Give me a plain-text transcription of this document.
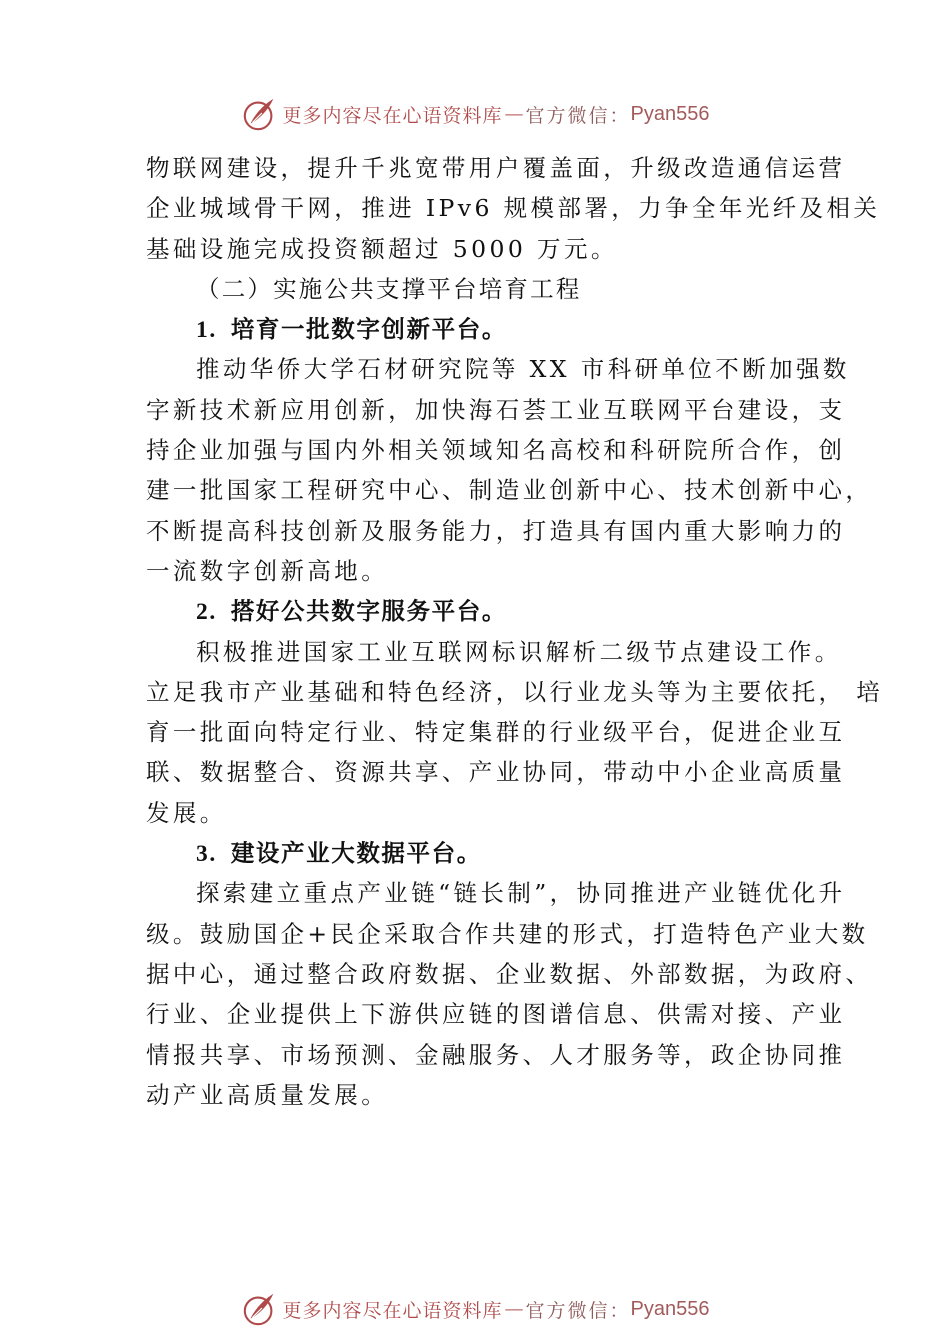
更多内容尽在心语资料库 — 官方微信： Pyan556
物联网建设，提升千兆宽带用户覆盖面，升级改造通信运营
企业城域骨干网，推进 IPv6 规模部署，力争全年光纤及相关
基础设施完成投资额超过 5000 万元。
（二）实施公共支撑平台培育工程
1. 培育一批数字创新平台。
推动华侨大学石材研究院等 XX 市科研单位不断加强数
字新技术新应用创新，加快海石荟工业互联网平台建设，支
持企业加强与国内外相关领域知名高校和科研院所合作，创
建一批国家工程研究中心、制造业创新中心、技术创新中心，
不断提高科技创新及服务能力，打造具有国内重大影响力的
一流数字创新高地。
2. 搭好公共数字服务平台。
积极推进国家工业互联网标识解析二级节点建设工作。
立足我市产业基础和特色经济，以行业龙头等为主要依托， 培
育一批面向特定行业、特定集群的行业级平台，促进企业互
联、数据整合、资源共享、产业协同，带动中小企业高质量
发展。
3. 建设产业大数据平台。
探索建立重点产业链“链长制”，协同推进产业链优化升
级。鼓励国企+民企采取合作共建的形式，打造特色产业大数
据中心，通过整合政府数据、企业数据、外部数据，为政府、
行业、企业提供上下游供应链的图谱信息、供需对接、产业
情报共享、市场预测、金融服务、人才服务等，政企协同推
动产业高质量发展。
更多内容尽在心语资料库 — 官方微信： Pyan556
